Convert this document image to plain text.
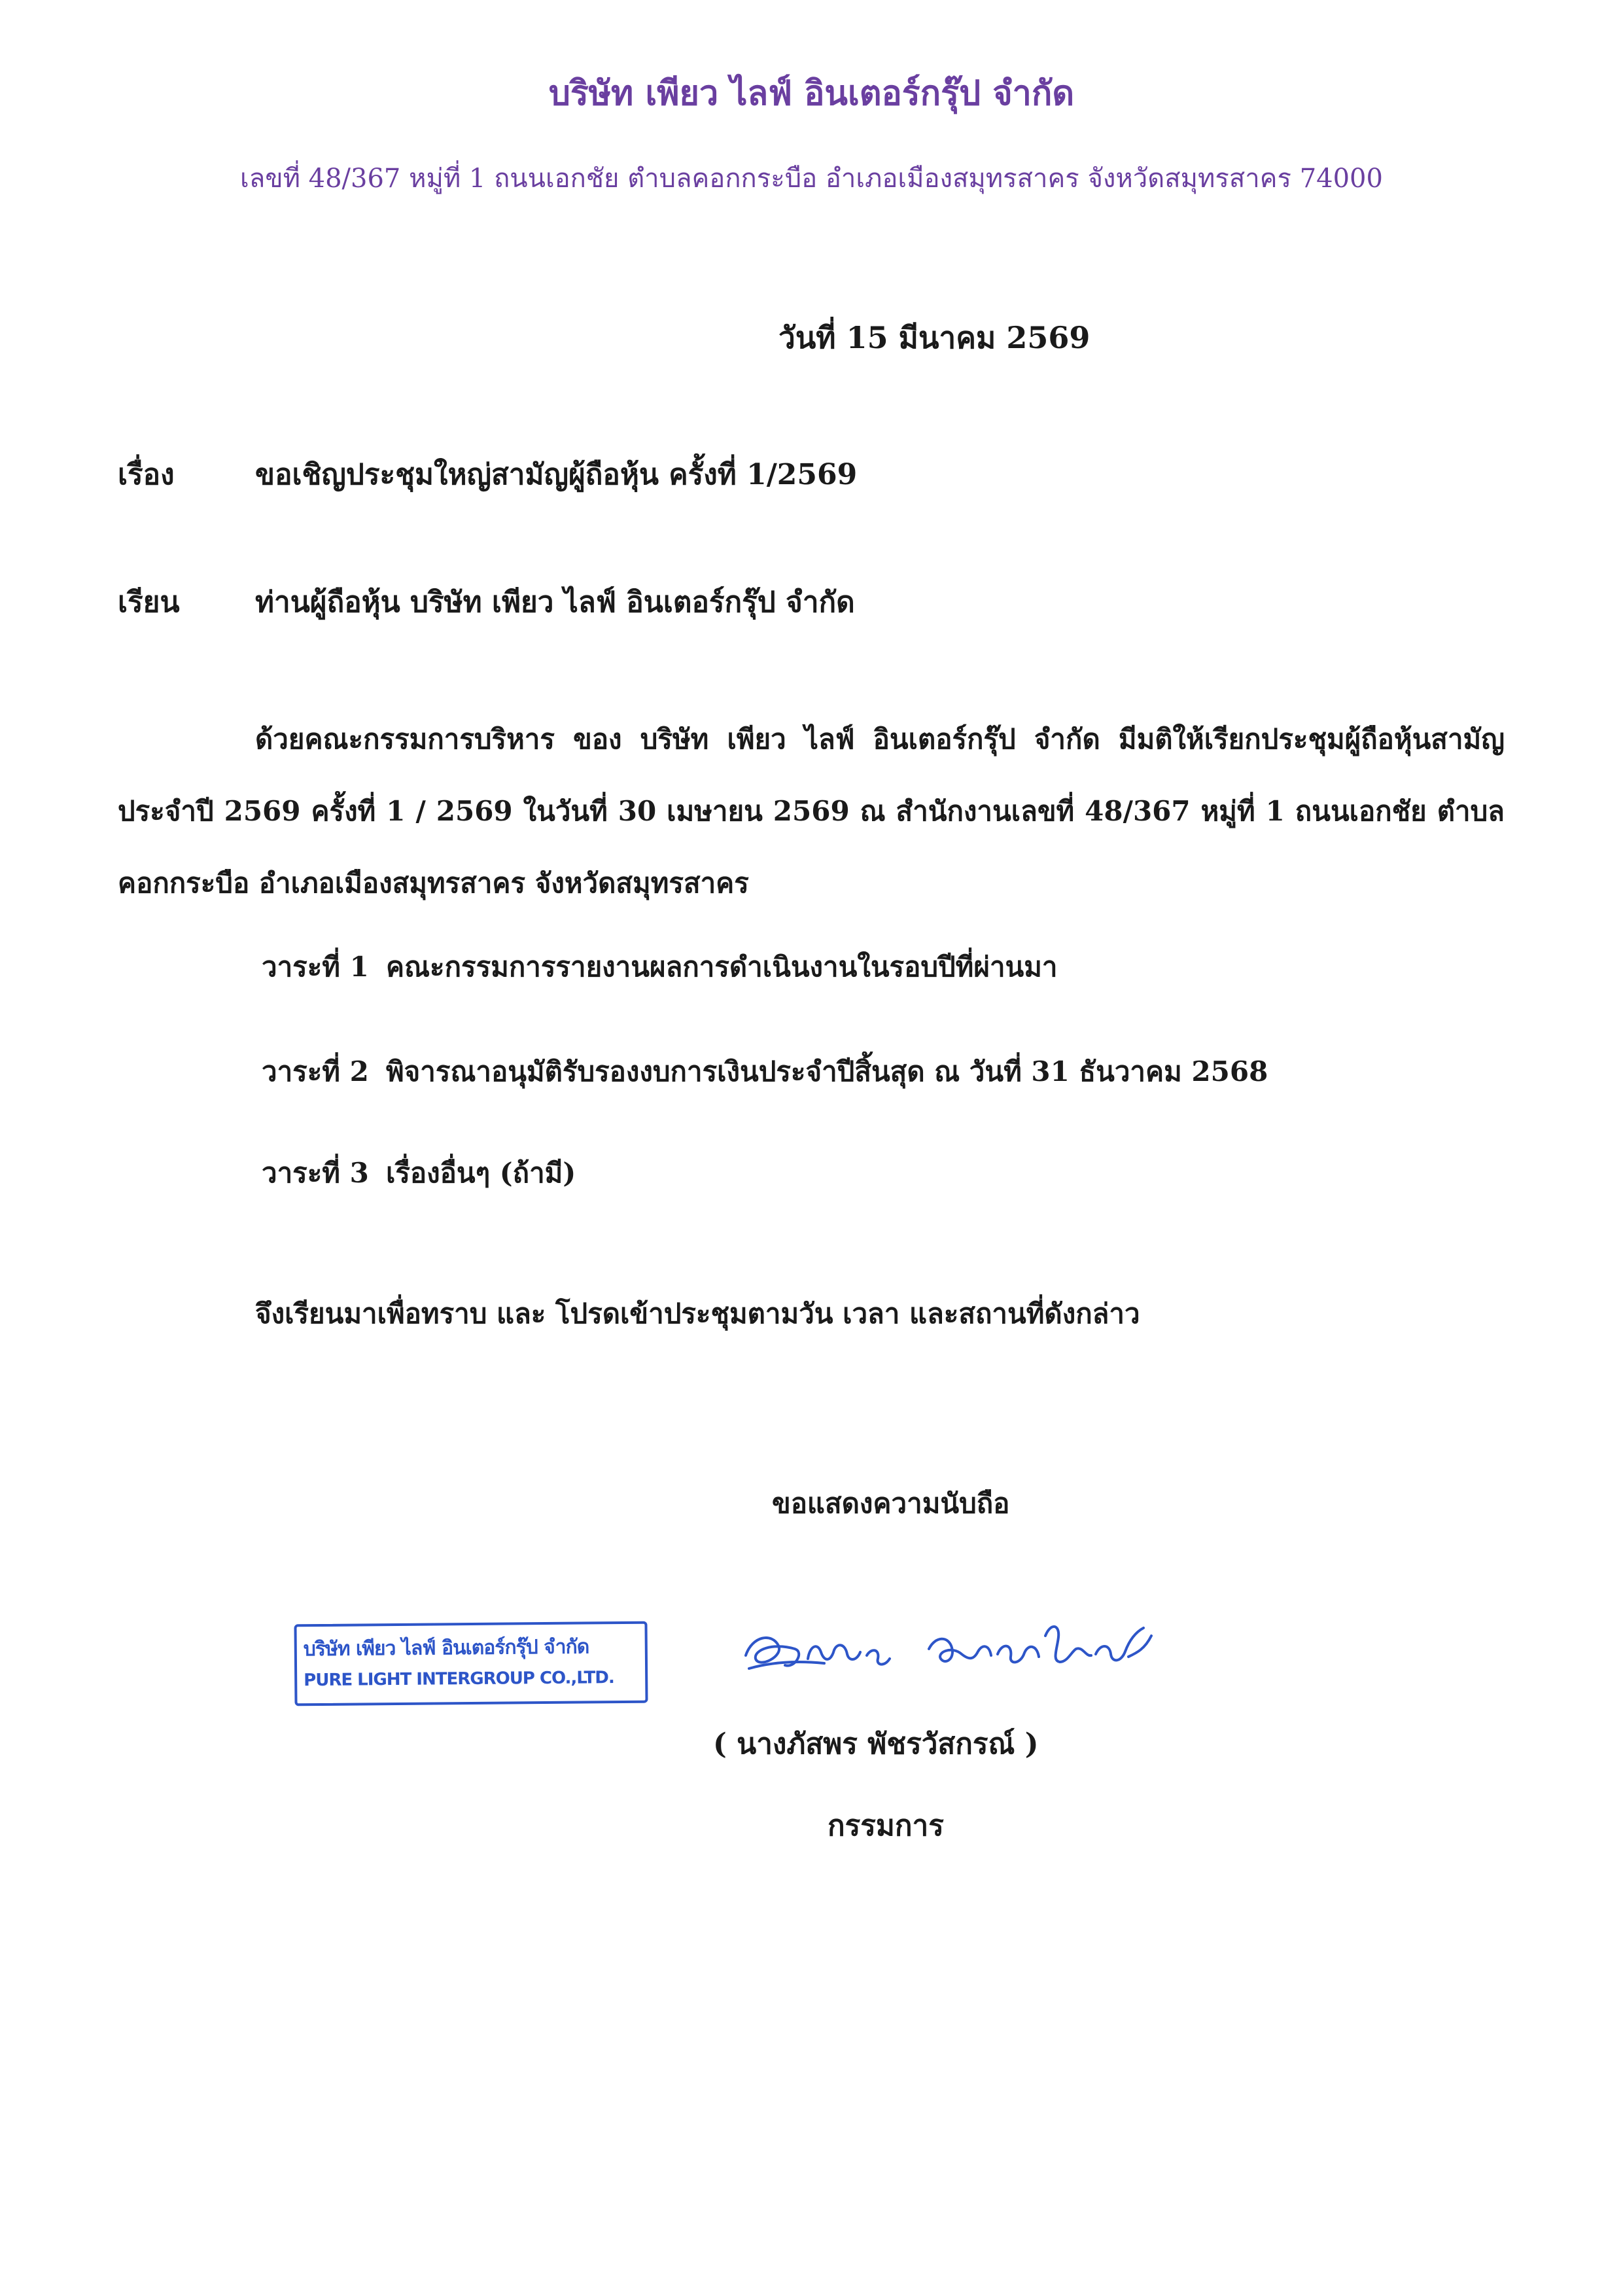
บริษัท เพียว ไลฟ์ อินเตอร์กรุ๊ป จำกัด
เลขที่ 48/367 หมู่ที่ 1 ถนนเอกชัย ตำบลคอกกระบือ อำเภอเมืองสมุทรสาคร จังหวัดสมุทรสาคร 74000
วันที่ 15 มีนาคม 2569
เรื่อง	ขอเชิญประชุมใหญ่สามัญผู้ถือหุ้น ครั้งที่ 1/2569
เรียน	ท่านผู้ถือหุ้น บริษัท เพียว ไลฟ์ อินเตอร์กรุ๊ป จำกัด
ด้วยคณะกรรมการบริหาร ของ บริษัท เพียว ไลฟ์ อินเตอร์กรุ๊ป จำกัด มีมติให้เรียกประชุมผู้ถือหุ้นสามัญประจำปี 2569 ครั้งที่ 1 / 2569 ในวันที่ 30 เมษายน 2569 ณ สำนักงานเลขที่ 48/367 หมู่ที่ 1 ถนนเอกชัย ตำบลคอกกระบือ อำเภอเมืองสมุทรสาคร จังหวัดสมุทรสาคร
วาระที่ 1 คณะกรรมการรายงานผลการดำเนินงานในรอบปีที่ผ่านมา
วาระที่ 2 พิจารณาอนุมัติรับรองงบการเงินประจำปีสิ้นสุด ณ วันที่ 31 ธันวาคม 2568
วาระที่ 3 เรื่องอื่นๆ (ถ้ามี)
จึงเรียนมาเพื่อทราบ และ โปรดเข้าประชุมตามวัน เวลา และสถานที่ดังกล่าว
ขอแสดงความนับถือ
บริษัท เพียว ไลฟ์ อินเตอร์กรุ๊ป จำกัด
PURE LIGHT INTERGROUP CO.,LTD.
( นางภัสพร พัชรวัสกรณ์ )
กรรมการ
